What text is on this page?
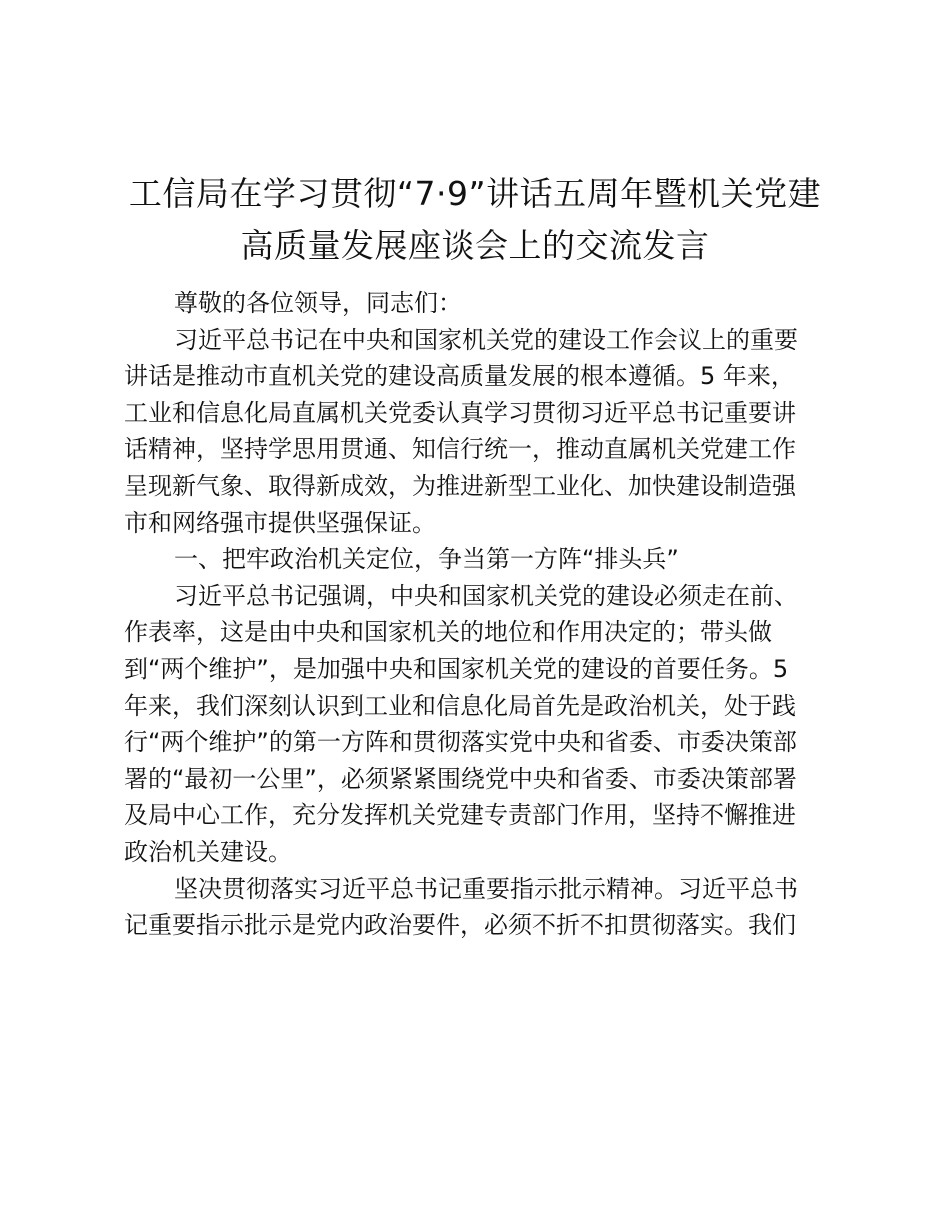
工信局在学习贯彻“7·9”讲话五周年暨机关党建
高质量发展座谈会上的交流发言
尊敬的各位领导，同志们：
习近平总书记在中央和国家机关党的建设工作会议上的重要
讲话是推动市直机关党的建设高质量发展的根本遵循。5 年来，
工业和信息化局直属机关党委认真学习贯彻习近平总书记重要讲
话精神，坚持学思用贯通、知信行统一，推动直属机关党建工作
呈现新气象、取得新成效，为推进新型工业化、加快建设制造强
市和网络强市提供坚强保证。
一、把牢政治机关定位，争当第一方阵“排头兵”
习近平总书记强调，中央和国家机关党的建设必须走在前、
作表率，这是由中央和国家机关的地位和作用决定的；带头做
到“两个维护”，是加强中央和国家机关党的建设的首要任务。5
年来，我们深刻认识到工业和信息化局首先是政治机关，处于践
行“两个维护”的第一方阵和贯彻落实党中央和省委、市委决策部
署的“最初一公里”，必须紧紧围绕党中央和省委、市委决策部署
及局中心工作，充分发挥机关党建专责部门作用，坚持不懈推进
政治机关建设。
坚决贯彻落实习近平总书记重要指示批示精神。习近平总书
记重要指示批示是党内政治要件，必须不折不扣贯彻落实。我们
